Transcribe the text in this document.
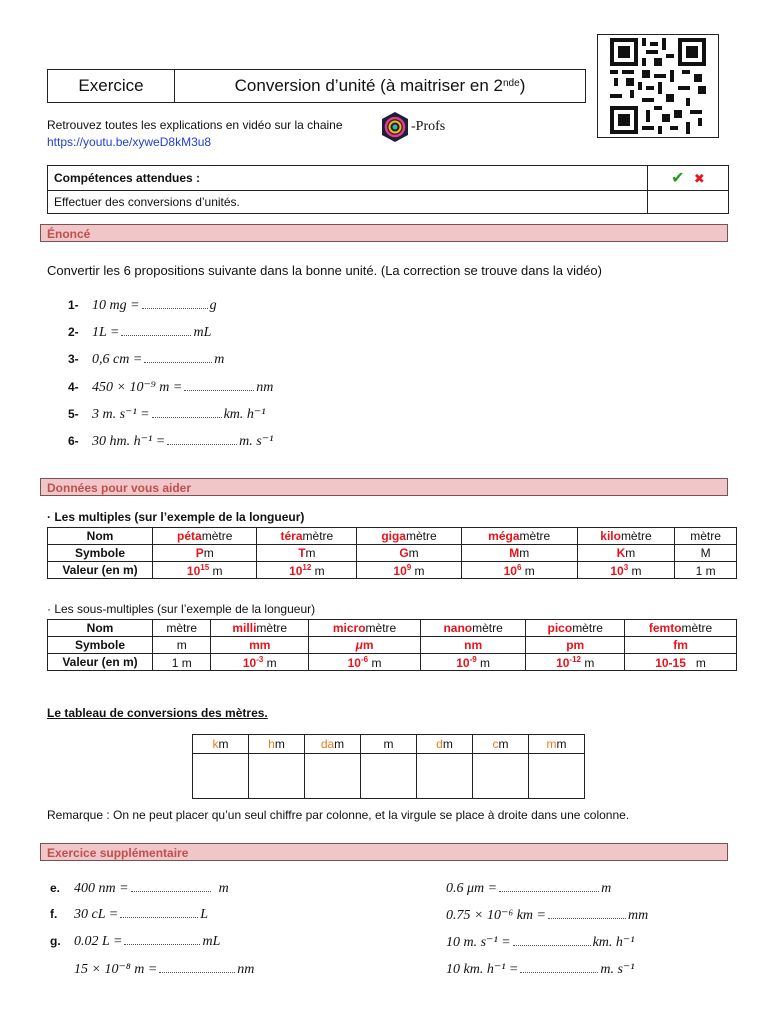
Exercice	Conversion d’unité (à maitriser en 2nde )
Retrouvez toutes les explications en vidéo sur la chaine
https://youtu.be/xyweD8kM3u8
-Profs
Compétences attendues :	✔ ✖
Effectuer des conversions d’unités.	
Énoncé
Convertir les 6 propositions suivante dans la bonne unité. (La correction se trouve dans la vidéo)
1- 10 mg =	g
2- 1L =	mL
3- 0,6 cm =	m
4- 450 × 10⁻⁹ m =	nm
5- 3 m. s⁻¹ =	km. h⁻¹
6- 30 hm. h⁻¹ =	m. s⁻¹
Données pour vous aider
· Les multiples (sur l’exemple de la longueur)
Nom	pétamètre	téramètre	gigamètre	mégamètre	kilomètre	mètre
Symbole	Pm	Tm	Gm	Mm	Km	M
Valeur (en m)	$10^{15}$ m	$10^{12}$ m	$10^9$ m	$10^6$ m	$10^3$ m	1 m
· Les sous-multiples (sur l’exemple de la longueur)
Nom	mètre	millimètre	micromètre	nanomètre	picomètre	femtomètre
Symbole	m	mm	μm	nm	pm	fm
Valeur (en m)	1 m	$10^{-3}$ m	$10^{-6}$ m	$10^{-9}$ m	$10^{-12}$ m	10-15   m
Le tableau de conversions des mètres.
km	hm	dam	m	dm	cm	mm

Remarque : On ne peut placer qu’un seul chiffre par colonne, et la virgule se place à droite dans une colonne.
Exercice supplémentaire
e. 400 nm =	m
f.	30 cL =	L
g. 0.02 L =	mL
15 × 10⁻⁸ m =	nm
0.6 μm =	m
0.75 × 10⁻⁶ km =	mm
10 m. s⁻¹ =	km. h⁻¹
10 km. h⁻¹ =	m. s⁻¹
